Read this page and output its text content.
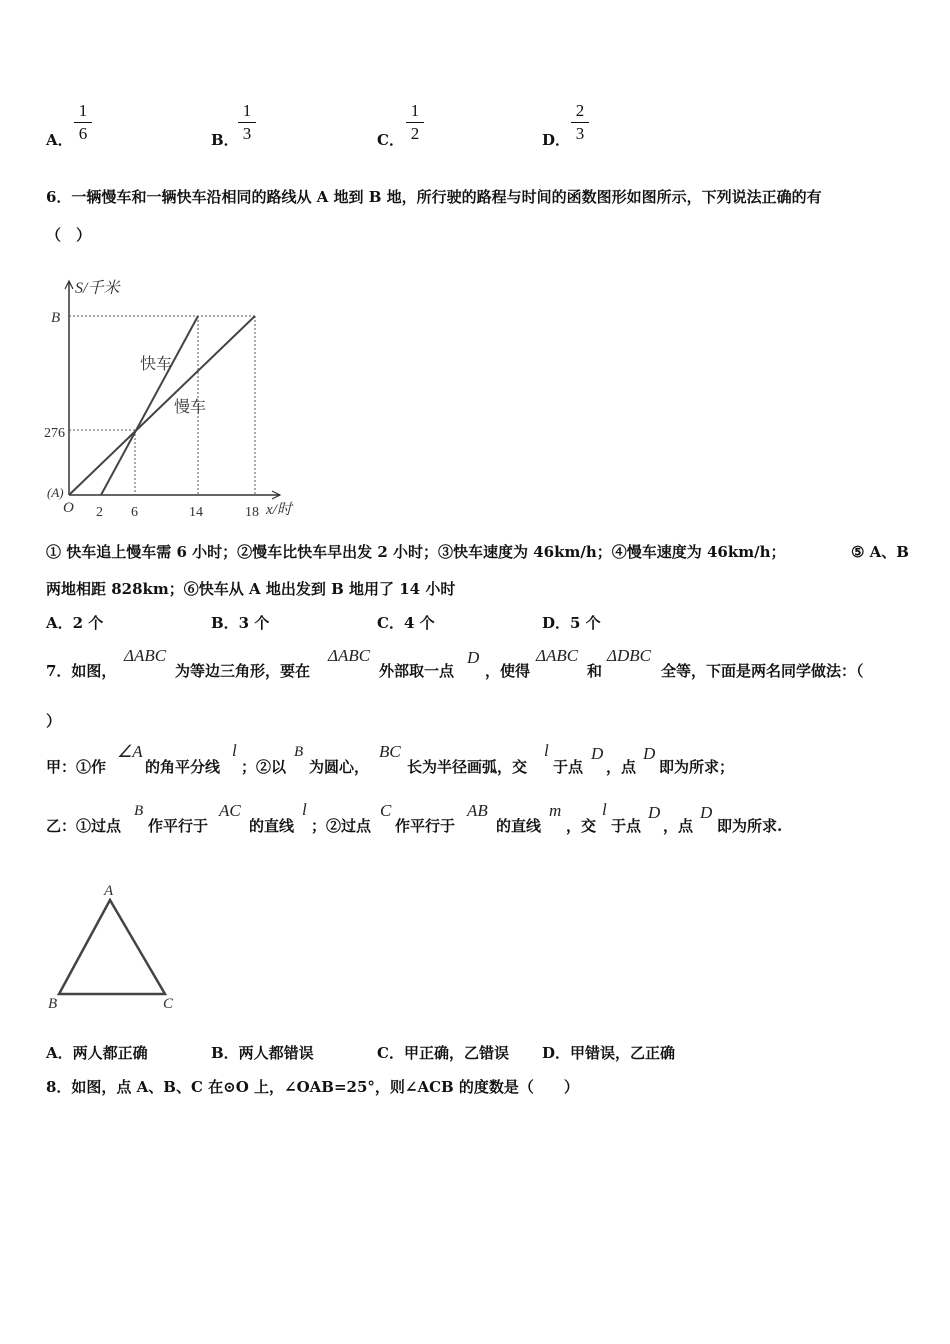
A．
1
6	B．
1
3	C．
1
2	D．
2
3
6．一辆慢车和一辆快车沿相同的路线从 A 地到 B 地，所行驶的路程与时间的函数图形如图所示，下列说法正确的有
（　）
S/千米
B
276
(A)
O 2 6	14	18 x/时
快车
慢车
① 快车追上慢车需 6 小时；②慢车比快车早出发 2 小时；③快车速度为 46km/h；④慢车速度为 46km/h；	⑤ A、B
两地相距 828km；⑥快车从 A 地出发到 B 地用了 14 小时
A．2 个	B．3 个	C．4 个	D．5 个
7．如图，
ΔABC
为等边三角形，要在
ΔABC
外部取一点
D
，使得
ΔABC
和
ΔDBC
全等，下面是两名同学做法：（
）
甲：①作
∠A
的角平分线
l
；②以
B
为圆心，
BC
长为半径画弧，交
l
于点
D
，点
D
即为所求；
乙：①过点
B
作平行于
AC
的直线
l
；②过点
C
作平行于
AB
的直线
m
，交
l
于点
D
，点
D
即为所求.
A
B	C
A．两人都正确	B．两人都错误	C．甲正确，乙错误 D．甲错误，乙正确
8．如图，点 A、B、C 在⊙O 上，∠OAB=25°，则∠ACB 的度数是（　　）
